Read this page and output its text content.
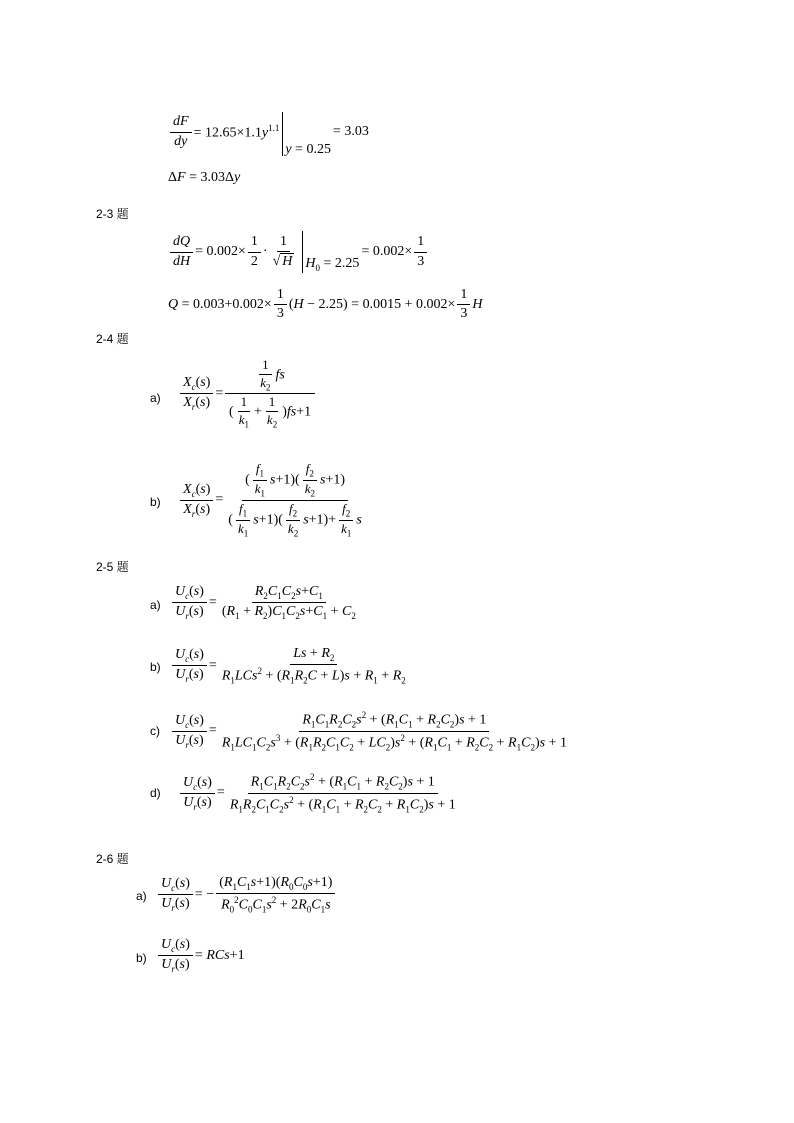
$\frac{dF}{dy} = 12.65\times 1.1y^{1.1}$
y = 0.25
= 3.03
ΔF = 3.03Δy
2-3 题
$\frac{dQ}{dH} = 0.002\times \frac{1}{2} \cdot \frac{1}{√ H} H_0 = 2.25$
= $0.002\times \frac{1}{3}$
$Q = 0.003+0.002\times \frac{1}{3} (H - 2.25) = 0.0015 + 0.002\times \frac{1}{3}$ H
2-4 题
$a) \frac{X_c(s)}{X_r(s)} = \frac{\frac{1}{k_2} fs}{( \frac{1}{k_1} + \frac{1}{k_2} )fs+1}$
$b) \frac{X_c(s)}{X_r(s)} = \frac{( \frac{f_1}{k_1} s+1)( \frac{f_2}{k_2} s+1)}{( \frac{f_1}{k_1} s+1)( \frac{f_2}{k_2} s+1)+ \frac{f_2}{k_1} s}$
2-5 题
$a) \frac{U_c(s)}{U_r(s)} = \frac{R_2C_1C_2s+C_1}{(R_1 + R_2)C_1C_2s+C_1 + C_2}$
$b) \frac{U_c(s)}{U_r(s)} = \frac{Ls + R_2}{R_1LCs^2 + (R_1R_2C + L)s + R_1 + R_2}$
$c) \frac{U_c(s)}{U_r(s)} = \frac{R_1C_1R_2C_2s^2 + (R_1C_1 + R_2C_2)s + 1}{R_1LC_1C_2s^3 + (R_1R_2C_1C_2 + LC_2)s^2 + (R_1C_1 + R_2C_2 + R_1C_2)s + 1}$
$d) \frac{U_c(s)}{U_r(s)} = \frac{R_1C_1R_2C_2s^2 + (R_1C_1 + R_2C_2)s + 1}{R_1R_2C_1C_2s^2 + (R_1C_1 + R_2C_2 + R_1C_2)s + 1}$
2-6 题
$a) \frac{U_c(s)}{U_r(s)}$ = − $\frac{(R_1C_1s+1)(R_0C_0s+1)}{R_0^2C_0C_1s^2 + 2R_0C_1s}$
$b) \frac{U_c(s)}{U_r(s)} = RCs+1$
